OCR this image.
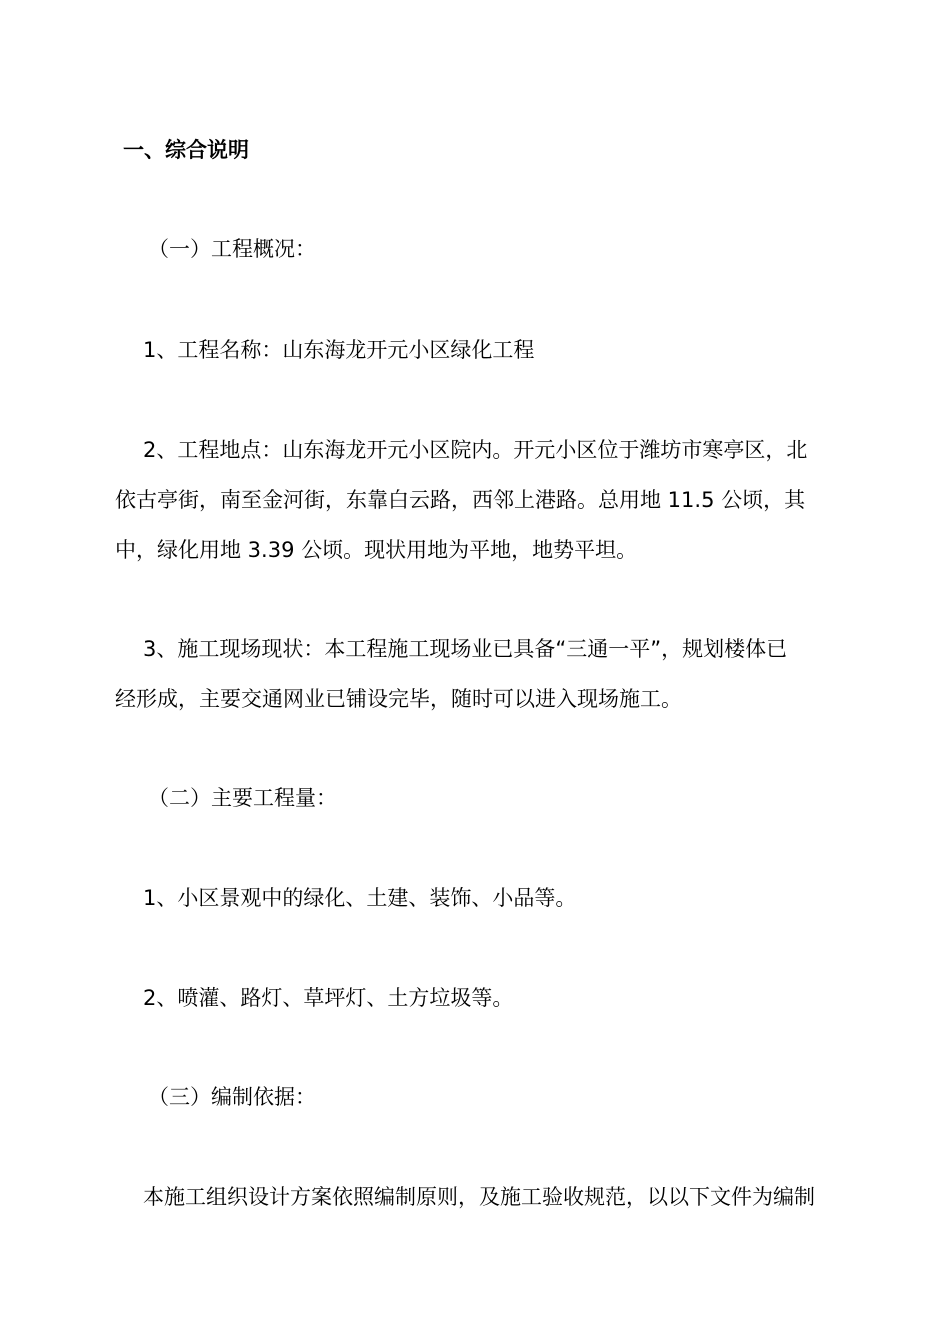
一、综合说明
（一）工程概况：
1、工程名称：山东海龙开元小区绿化工程
2、工程地点：山东海龙开元小区院内。开元小区位于潍坊市寒亭区，北
依古亭街，南至金河街，东靠白云路，西邻上港路。总用地 11.5 公顷，其
中，绿化用地 3.39 公顷。现状用地为平地，地势平坦。
3、施工现场现状：本工程施工现场业已具备“三通一平”，规划楼体已
经形成，主要交通网业已铺设完毕，随时可以进入现场施工。
（二）主要工程量：
1、小区景观中的绿化、土建、装饰、小品等。
2、喷灌、路灯、草坪灯、土方垃圾等。
（三）编制依据：
本施工组织设计方案依照编制原则，及施工验收规范，以以下文件为编制
